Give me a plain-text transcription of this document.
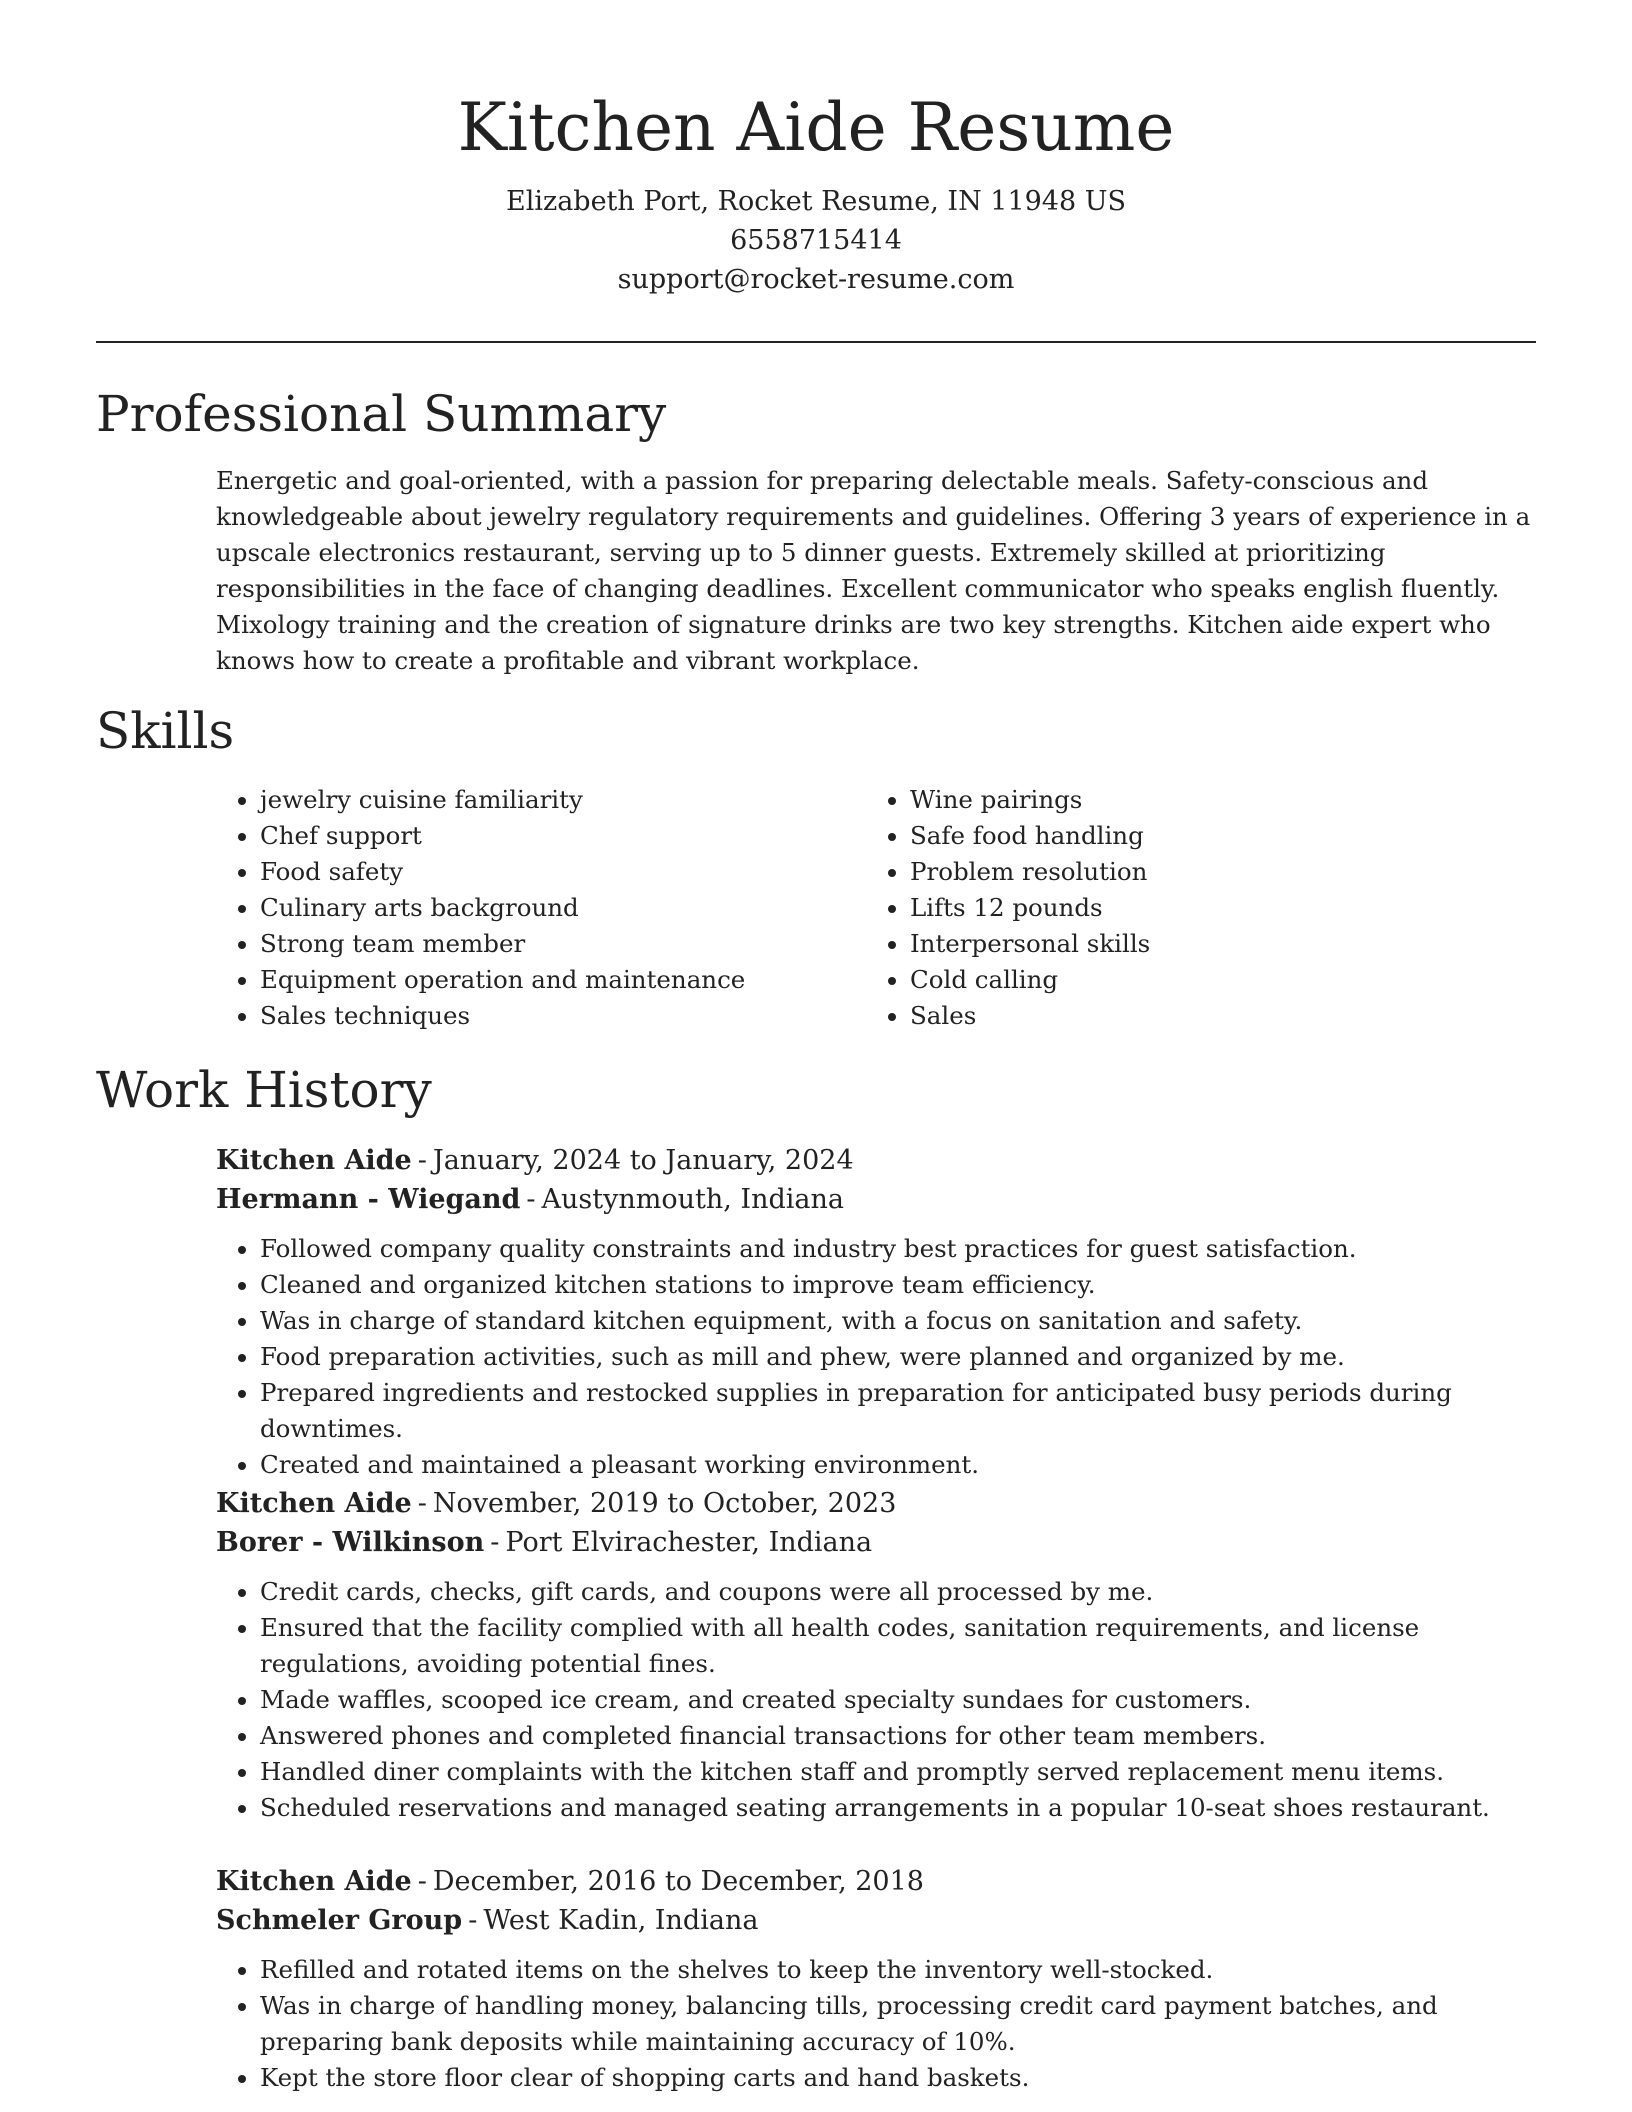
Kitchen Aide Resume

Elizabeth Port, Rocket Resume, IN 11948 US

6558715414

support@rocket-resume.com

Professional Summary

Energetic and goal-oriented, with a passion for preparing delectable meals. Safety-conscious and knowledgeable about jewelry regulatory requirements and guidelines. Offering 3 years of experience in a upscale electronics restaurant, serving up to 5 dinner guests. Extremely skilled at prioritizing responsibilities in the face of changing deadlines. Excellent communicator who speaks english fluently. Mixology training and the creation of signature drinks are two key strengths. Kitchen aide expert who knows how to create a profitable and vibrant workplace.

Skills
• jewelry cuisine familiarity
• Chef support
• Food safety
• Culinary arts background
• Strong team member
• Equipment operation and maintenance
• Sales techniques
• Wine pairings
• Safe food handling
• Problem resolution
• Lifts 12 pounds
• Interpersonal skills
• Cold calling
• Sales
Work History

Kitchen Aide - January, 2024 to January, 2024

Hermann - Wiegand - Austynmouth, Indiana

• Followed company quality constraints and industry best practices for guest satisfaction.
• Cleaned and organized kitchen stations to improve team efficiency.
• Was in charge of standard kitchen equipment, with a focus on sanitation and safety.
• Food preparation activities, such as mill and phew, were planned and organized by me.
• Prepared ingredients and restocked supplies in preparation for anticipated busy periods during downtimes.
• Created and maintained a pleasant working environment.

Kitchen Aide - November, 2019 to October, 2023

Borer - Wilkinson - Port Elvirachester, Indiana

• Credit cards, checks, gift cards, and coupons were all processed by me.
• Ensured that the facility complied with all health codes, sanitation requirements, and license regulations, avoiding potential fines.
• Made waffles, scooped ice cream, and created specialty sundaes for customers.
• Answered phones and completed financial transactions for other team members.
• Handled diner complaints with the kitchen staff and promptly served replacement menu items.
• Scheduled reservations and managed seating arrangements in a popular 10-seat shoes restaurant.

Kitchen Aide - December, 2016 to December, 2018

Schmeler Group - West Kadin, Indiana

• Refilled and rotated items on the shelves to keep the inventory well-stocked.
• Was in charge of handling money, balancing tills, processing credit card payment batches, and preparing bank deposits while maintaining accuracy of 10%.
• Kept the store floor clear of shopping carts and hand baskets.
